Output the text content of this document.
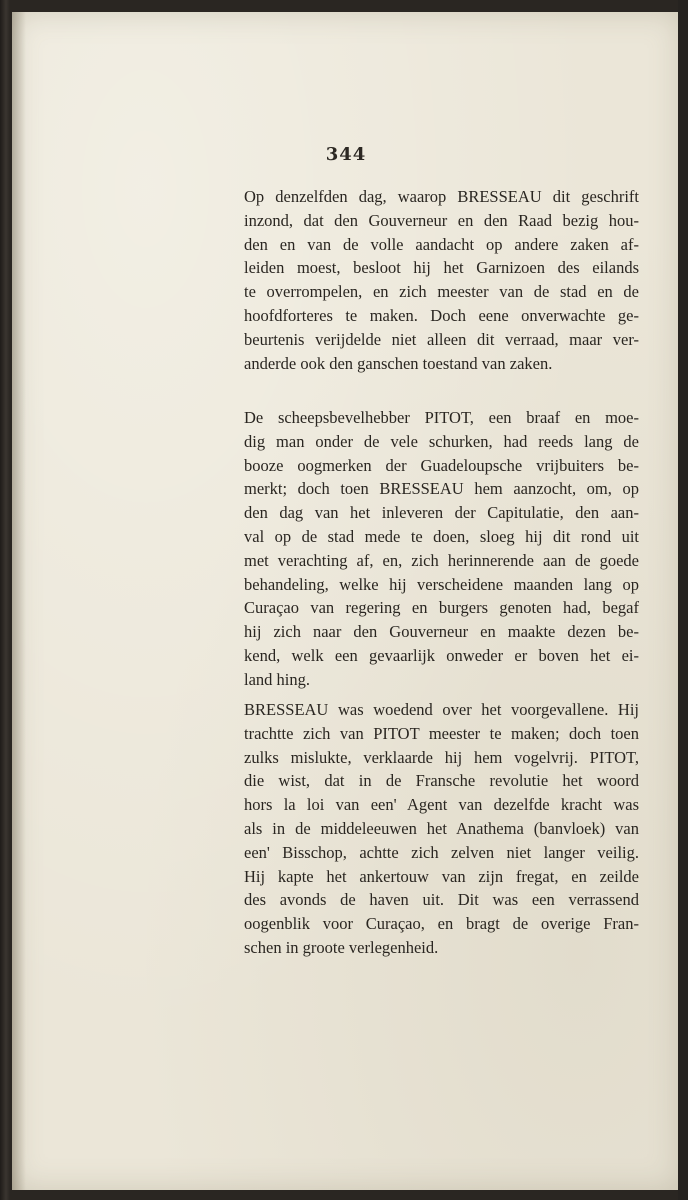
344
Op denzelfden dag, waarop BRESSEAU dit geschrift
inzond, dat den Gouverneur en den Raad bezig hou-
den en van de volle aandacht op andere zaken af-
leiden moest, besloot hij het Garnizoen des eilands
te overrompelen, en zich meester van de stad en de
hoofdforteres te maken. Doch eene onverwachte ge-
beurtenis verijdelde niet alleen dit verraad, maar ver-
anderde ook den ganschen toestand van zaken.
De scheepsbevelhebber PITOT, een braaf en moe-
dig man onder de vele schurken, had reeds lang de
booze oogmerken der Guadeloupsche vrijbuiters be-
merkt; doch toen BRESSEAU hem aanzocht, om, op
den dag van het inleveren der Capitulatie, den aan-
val op de stad mede te doen, sloeg hij dit rond uit
met verachting af, en, zich herinnerende aan de goede
behandeling, welke hij verscheidene maanden lang op
Curaçao van regering en burgers genoten had, begaf
hij zich naar den Gouverneur en maakte dezen be-
kend, welk een gevaarlijk onweder er boven het ei-
land hing.
BRESSEAU was woedend over het voorgevallene. Hij
trachtte zich van PITOT meester te maken; doch toen
zulks mislukte, verklaarde hij hem vogelvrij. PITOT,
die wist, dat in de Fransche revolutie het woord
hors la loi van een' Agent van dezelfde kracht was
als in de middeleeuwen het Anathema (banvloek) van
een' Bisschop, achtte zich zelven niet langer veilig.
Hij kapte het ankertouw van zijn fregat, en zeilde
des avonds de haven uit. Dit was een verrassend
oogenblik voor Curaçao, en bragt de overige Fran-
schen in groote verlegenheid.
